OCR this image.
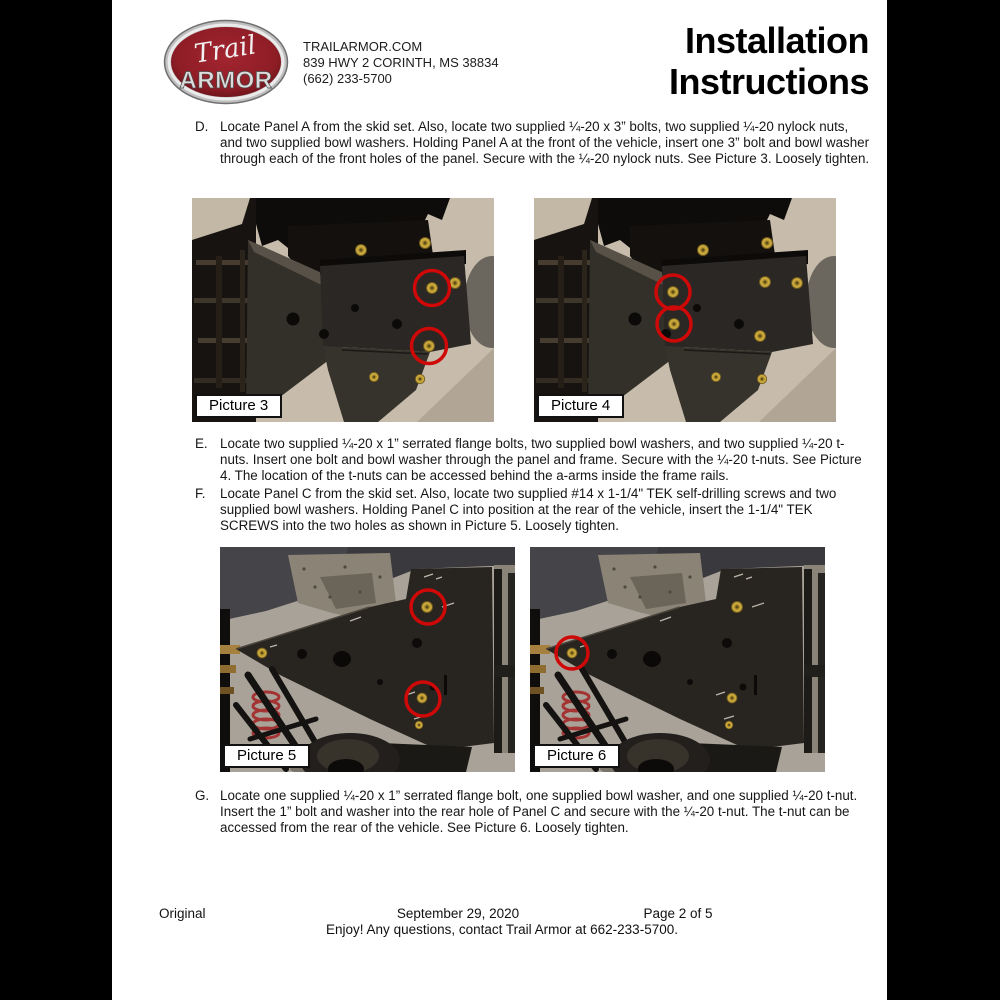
Trail
ARMOR
TRAILARMOR.COM
839 HWY 2 CORINTH, MS 38834
(662) 233-5700
Installation
Instructions
D. Locate Panel A from the skid set. Also, locate two supplied ¼-20 x 3” bolts, two supplied ¼-20 nylock nuts, and two supplied bowl washers. Holding Panel A at the front of the vehicle, insert one 3” bolt and bowl washer through each of the front holes of the panel. Secure with the ¼-20 nylock nuts. See Picture 3. Loosely tighten.
E. Locate two supplied ¼-20 x 1” serrated flange bolts, two supplied bowl washers, and two supplied ¼-20 t-nuts. Insert one bolt and bowl washer through the panel and frame. Secure with the ¼-20 t-nuts. See Picture 4. The location of the t-nuts can be accessed behind the a-arms inside the frame rails.
F.	Locate Panel C from the skid set. Also, locate two supplied #14 x 1-1/4" TEK self-drilling screws and two supplied bowl washers. Holding Panel C into position at the rear of the vehicle, insert the 1-1/4" TEK SCREWS into the two holes as shown in Picture 5. Loosely tighten.
G. Locate one supplied ¼-20 x 1” serrated flange bolt, one supplied bowl washer, and one supplied ¼-20 t-nut. Insert the 1” bolt and washer into the rear hole of Panel C and secure with the ¼-20 t-nut. The t-nut can be accessed from the rear of the vehicle. See Picture 6. Loosely tighten.
Picture 3	Picture 4
Picture 5	Picture 6
Original	September 29, 2020	Page 2 of 5
Enjoy! Any questions, contact Trail Armor at 662-233-5700.
